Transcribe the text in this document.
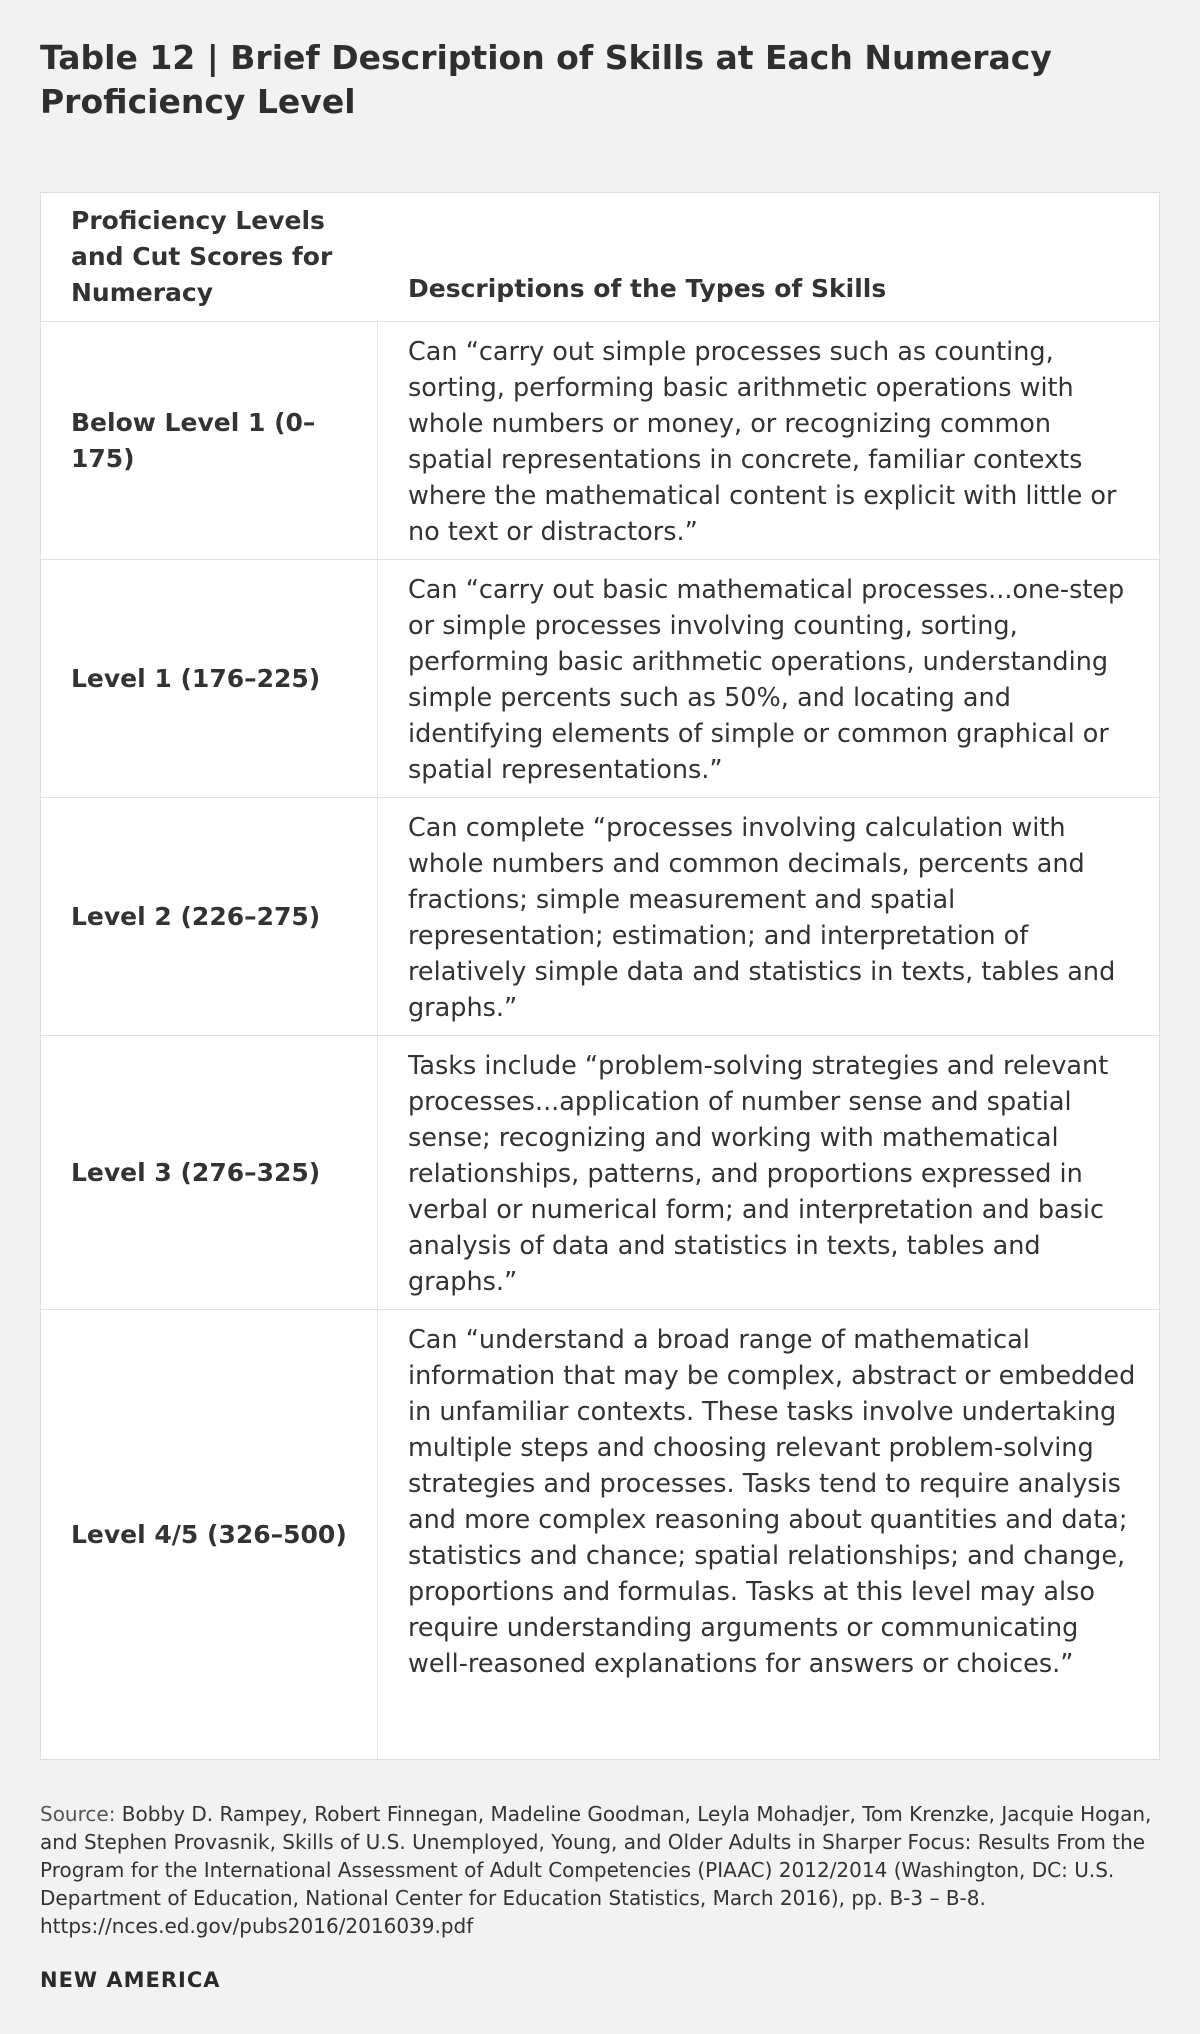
Table 12 | Brief Description of Skills at Each Numeracy Proficiency Level
Proficiency Levels and Cut Scores for Numeracy	Descriptions of the Types of Skills
Below Level 1 (0–175)
Can “carry out simple processes such as counting, sorting, performing basic arithmetic operations with whole numbers or money, or recognizing common spatial representations in concrete, familiar contexts where the mathematical content is explicit with little or no text or distractors.”
Level 1 (176–225)
Can “carry out basic mathematical processes...one-step or simple processes involving counting, sorting, performing basic arithmetic operations, understanding simple percents such as 50%, and locating and identifying elements of simple or common graphical or spatial representations.”
Level 2 (226–275)
Can complete “processes involving calculation with whole numbers and common decimals, percents and fractions; simple measurement and spatial representation; estimation; and interpretation of relatively simple data and statistics in texts, tables and graphs.”
Level 3 (276–325)
Tasks include “problem-solving strategies and relevant processes...application of number sense and spatial sense; recognizing and working with mathematical relationships, patterns, and proportions expressed in verbal or numerical form; and interpretation and basic analysis of data and statistics in texts, tables and graphs.”
Level 4/5 (326–500)
Can “understand a broad range of mathematical information that may be complex, abstract or embedded in unfamiliar contexts. These tasks involve undertaking multiple steps and choosing relevant problem-solving strategies and processes. Tasks tend to require analysis and more complex reasoning about quantities and data; statistics and chance; spatial relationships; and change, proportions and formulas. Tasks at this level may also require understanding arguments or communicating well-reasoned explanations for answers or choices.”

Source: Bobby D. Rampey, Robert Finnegan, Madeline Goodman, Leyla Mohadjer, Tom Krenzke, Jacquie Hogan, and Stephen Provasnik, Skills of U.S. Unemployed, Young, and Older Adults in Sharper Focus: Results From the Program for the International Assessment of Adult Competencies (PIAAC) 2012/2014 (Washington, DC: U.S. Department of Education, National Center for Education Statistics, March 2016), pp. B-3 – B-8. https://nces.ed.gov/pubs2016/2016039.pdf

NEW AMERICA
